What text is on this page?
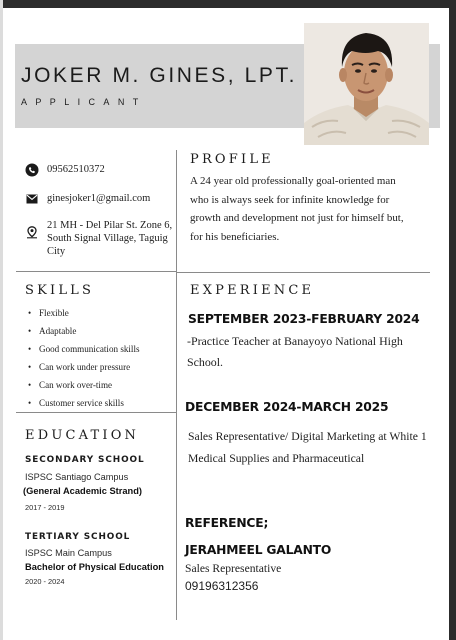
JOKER M. GINES, LPT.
APPLICANT
09562510372
ginesjoker1@gmail.com
21 MH - Del Pilar St. Zone 6, South Signal Village, Taguig City
PROFILE
A 24 year old professionally goal-oriented man who is always seek for infinite knowledge for growth and development not just for himself but, for his beneficiaries.
SKILLS
• Flexible
• Adaptable
• Good communication skills
• Can work under pressure
• Can work over-time
• Customer service skills
EXPERIENCE
SEPTEMBER 2023-FEBRUARY 2024
-Practice Teacher at Banayoyo National High School.
DECEMBER 2024-MARCH 2025
Sales Representative/ Digital Marketing at White 1 Medical Supplies and Pharmaceutical
EDUCATION
SECONDARY SCHOOL
ISPSC Santiago Campus
(General Academic Strand)
2017 - 2019
TERTIARY SCHOOL
ISPSC Main Campus
Bachelor of Physical Education
2020 - 2024
REFERENCE;
JERAHMEEL GALANTO
Sales Representative
09196312356
